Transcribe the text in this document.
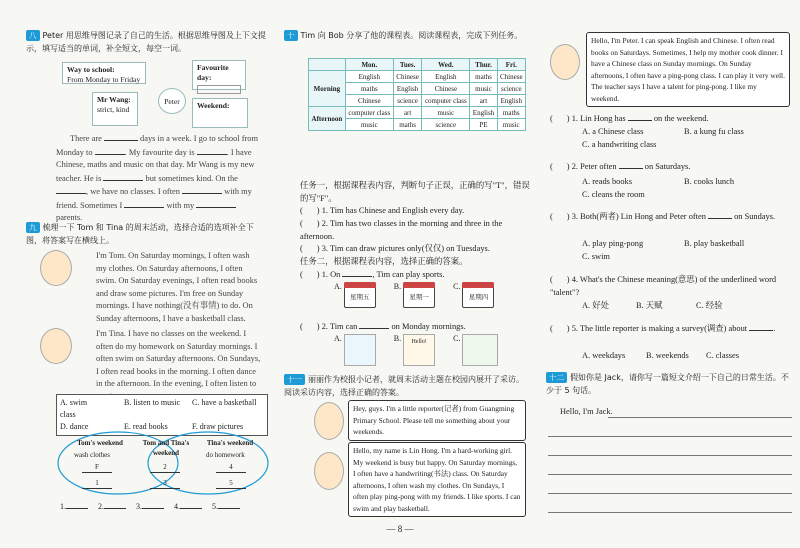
八 Peter 用思维导图记录了自己的生活。根据思维导图及上下文提示，填写适当的单词，补全短文，每空一词。
Way to school:
From Monday to Friday
Favourite day:
Mr Wang:
strict, kind
Peter	Weekend:
There are	days in a week. I go to school from Monday to	. My favourite day is	. I have Chinese, maths and music on that day. Mr Wang is my new teacher. He is	but sometimes kind. On the , we have no classes. I often	with my friend. Sometimes I	with my  parents.
九 梳理一下 Tom 和 Tina 的周末活动，选择合适的选项补全下图，将答案写在横线上。
I'm Tom. On Saturday mornings, I often wash my clothes. On Saturday afternoons, I often swim. On Saturday evenings, I often read books and draw some pictures. I'm free on Sunday mornings. I have nothing(没有事情) to do. On Sunday afternoons, I have a basketball class.
I'm Tina. I have no classes on the weekend. I often do my homework on Saturday mornings. I often swim on Saturday afternoons. On Sundays, I often read books in the morning. I often dance in the afternoon. In the evening, I often listen to
A. swim	B. listen to music C. have a basketball class
D. dance	E. read books	F. draw pictures
Tom's weekend	Tom and Tina's weekend
Tina's weekend
wash clothes	do homework
F
1
2
3
4
5
1.	2.	3.	4.	5.
十 Tim 向 Bob 分享了他的课程表。阅读课程表，完成下列任务。
	Mon.	Tues.	Wed.	Thur.	Fri.
Morning	English	Chinese	English	maths	Chinese
	maths	English	Chinese	music	science
	Chinese	science	computer class	art	English
Afternoon	computer class	art	music	English	maths
	music	maths	science	PE	music
任务一，根据课程表内容，判断句子正误，正确的写"T"，错误的写"F"。
( ) 1. Tim has Chinese and English every day.
( ) 2. Tim has two classes in the morning and three in the afternoon.
( ) 3. Tim can draw pictures only(仅仅) on Tuesdays.
任务二，根据课程表内容，选择正确的答案。
( ) 1. On	, Tim can play sports.
A. 星期五 B. 星期一 C. 星期四
( ) 2. Tim can	on Monday mornings.
A.	B. Hello!	C.
十一 丽丽作为校报小记者，就周末活动主题在校园内展开了采访。阅读采访内容，选择正确的答案。
Hey, guys. I'm a little reporter(记者) from Guangming Primary School. Please tell me something about your weekends.
Hello, my name is Lin Hong. I'm a hard-working girl. My weekend is busy but happy. On Saturday mornings, I often have a handwriting(书法) class. On Saturday afternoons, I often wash my clothes. On Sundays, I often play ping-pong with my friends. I like sports. I can swim and play basketball.
Hello, I'm Peter. I can speak English and Chinese. I often read books on Saturdays. Sometimes, I help my mother cook dinner. I have a Chinese class on Sunday mornings. On Sunday afternoons, I often have a ping-pong class. I can play it very well. The teacher says I have a talent for ping-pong. I like my weekend.
( ) 1. Lin Hong has	on the weekend.
A. a Chinese class	B. a kung fu class
C. a handwriting class
( ) 2. Peter often	on Saturdays.
A. reads books	B. cooks lunch
C. cleans the room
( ) 3. Both(两者) Lin Hong and Peter often	on Sundays.
A. play ping-pong	B. play basketball
C. swim
( ) 4. What's the Chinese meaning(意思) of the underlined word "talent"?
A. 好处	B. 天赋	C. 经验
( ) 5. The little reporter is making a survey(调查) about	.
A. weekdays B. weekends C. classes
十二 假如你是 Jack，请你写一篇短文介绍一下自己的日常生活。不少于 5 句话。
Hello, I'm Jack.
— 8 —
